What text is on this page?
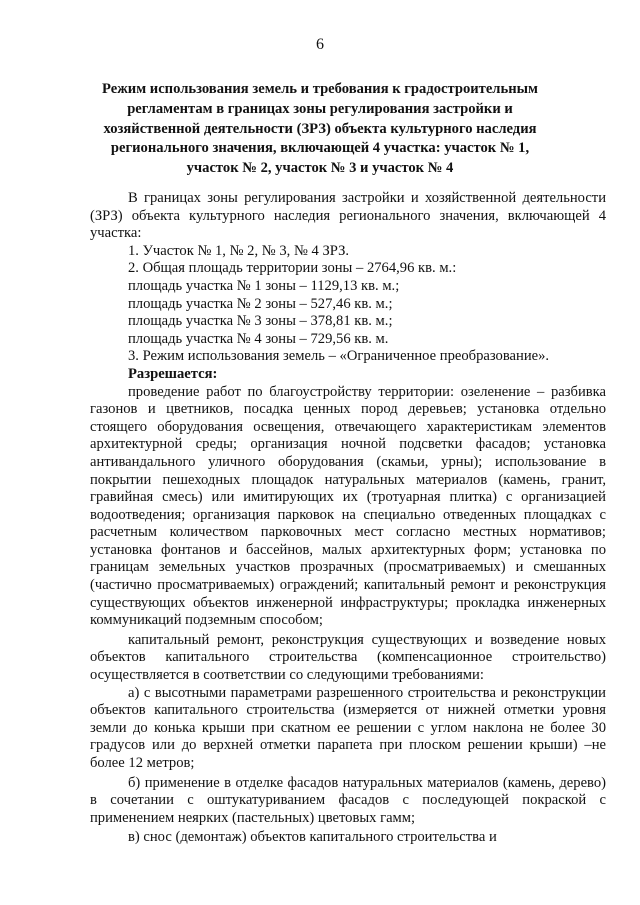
6
Режим использования земель и требования к градостроительным регламентам в границах зоны регулирования застройки и хозяйственной деятельности (ЗРЗ) объекта культурного наследия регионального значения, включающей 4 участка: участок № 1, участок № 2, участок № 3 и участок № 4

В границах зоны регулирования застройки и хозяйственной деятельности (ЗРЗ) объекта культурного наследия регионального значения, включающей 4 участка:

1. Участок № 1, № 2, № 3, № 4 ЗРЗ.

2. Общая площадь территории зоны – 2764,96 кв. м.:

площадь участка № 1 зоны – 1129,13 кв. м.;

площадь участка № 2 зоны – 527,46 кв. м.;

площадь участка № 3 зоны – 378,81 кв. м.;

площадь участка № 4 зоны – 729,56 кв. м.

3. Режим использования земель – «Ограниченное преобразование».

Разрешается:

проведение работ по благоустройству территории: озеленение – разбивка газонов и цветников, посадка ценных пород деревьев; установка отдельно стоящего оборудования освещения, отвечающего характеристикам элементов архитектурной среды; организация ночной подсветки фасадов; установка антивандального уличного оборудования (скамьи, урны); использование в покрытии пешеходных площадок натуральных материалов (камень, гранит, гравийная смесь) или имитирующих их (тротуарная плитка) с организацией водоотведения; организация парковок на специально отведенных площадках с расчетным количеством парковочных мест согласно местных нормативов; установка фонтанов и бассейнов, малых архитектурных форм; установка по границам земельных участков прозрачных (просматриваемых) и смешанных (частично просматриваемых) ограждений; капитальный ремонт и реконструкция существующих объектов инженерной инфраструктуры; прокладка инженерных коммуникаций подземным способом;

капитальный ремонт, реконструкция существующих и возведение новых объектов капитального строительства (компенсационное строительство) осуществляется в соответствии со следующими требованиями:

а) с высотными параметрами разрешенного строительства и реконструкции объектов капитального строительства (измеряется от нижней отметки уровня земли до конька крыши при скатном ее решении с углом наклона не более 30 градусов или до верхней отметки парапета при плоском решении крыши) –не более 12 метров;

б) применение в отделке фасадов натуральных материалов (камень, дерево) в сочетании с оштукатуриванием фасадов с последующей покраской с применением неярких (пастельных) цветовых гамм;

в) снос (демонтаж) объектов капитального строительства и
